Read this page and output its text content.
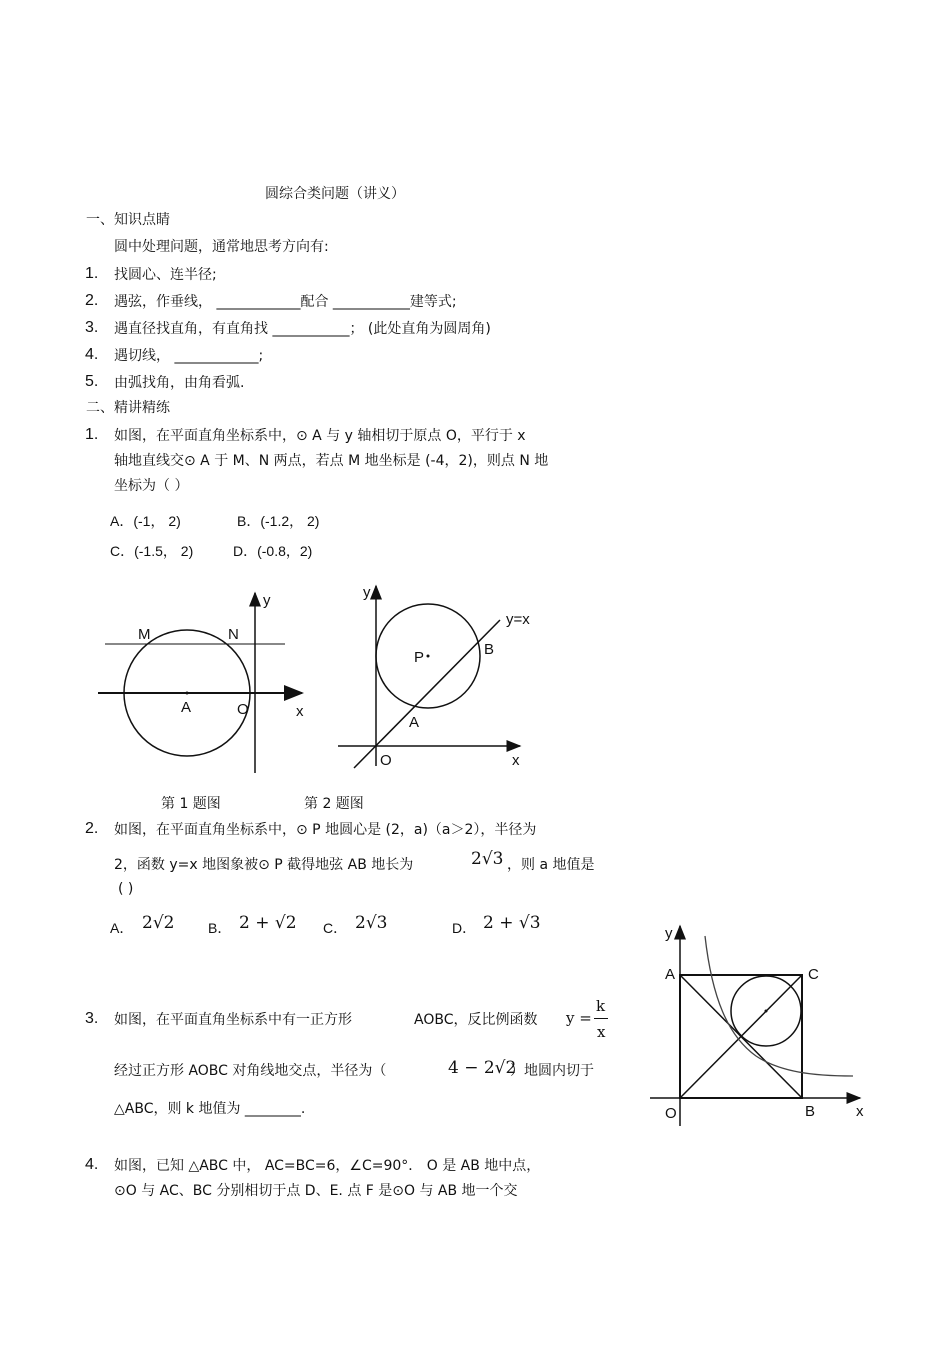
圆综合类问题（讲义）
一、知识点睛
圆中处理问题，通常地思考方向有:
1. 找圆心、连半径;
2. 遇弦，作垂线， ____________配合 ___________建等式;
3. 遇直径找直角，有直角找 ___________； (此处直角为圆周角)
4. 遇切线， ____________;
5. 由弧找角，由角看弧.
二、精讲精练
1. 如图，在平面直角坐标系中，⊙ A 与 y 轴相切于原点 O，平行于 x
轴地直线交⊙ A 于 M、N 两点，若点 M 地坐标是 (-4，2)，则点 N 地
坐标为（ ）
A．(-1， 2)	B．(-1.2， 2)
C．(-1.5， 2)	D．(-0.8，2)
y
x
M	N
A	O
y
x
y=x
P	B
A
O
第 1 题图	第 2 题图
2. 如图，在平面直角坐标系中，⊙ P 地圆心是 (2，a)（a＞2），半径为
2，函数 y=x 地图象被⊙ P 截得地弦 AB 地长为	2√3 ，则 a 地值是
( )
A． 2√2 B． 2 + √2 C． 2√3	D． 2 + √3
3. 如图，在平面直角坐标系中有一正方形	AOBC，反比例函数 y =
k
x
经过正方形 AOBC 对角线地交点，半径为（	4 − 2√2
）地圆内切于
△ABC，则 k 地值为 ________.
y
x
A	C
O	B
4. 如图，已知 △ABC 中， AC=BC=6，∠C=90°． O 是 AB 地中点，
⊙O 与 AC、BC 分别相切于点 D、E. 点 F 是⊙O 与 AB 地一个交
